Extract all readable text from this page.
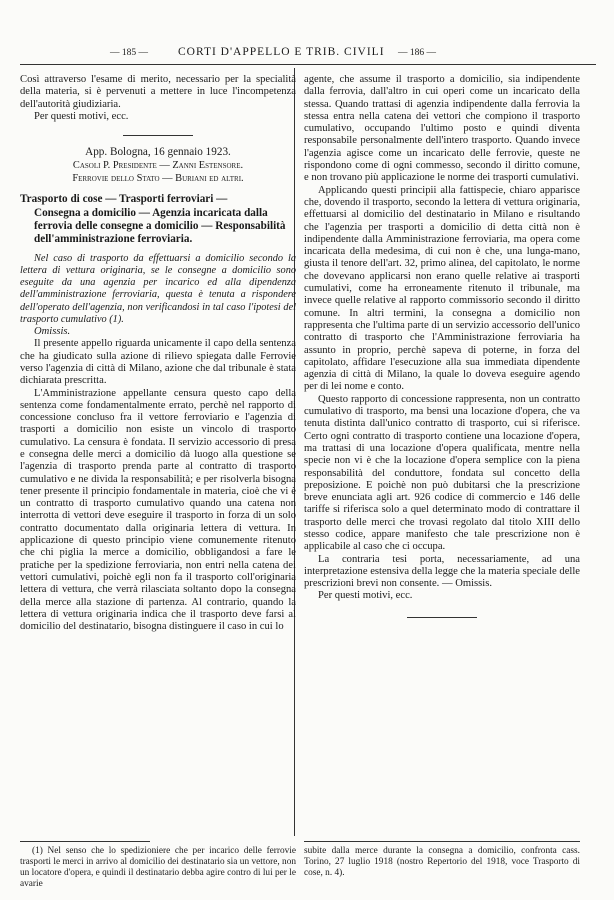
— 185 —	CORTI D'APPELLO E TRIB. CIVILI — 186 —

Così attraverso l'esame di merito, necessario per la specialità della materia, si è pervenuti a mettere in luce l'incompetenza dell'autorità giudiziaria.

Per questi motivi, ecc.

App. Bologna, 16 gennaio 1923.
Casoli P. Presidente — Zanni Estensore.
Ferrovie dello Stato — Buriani ed altri.
Trasporto di cose — Trasporti ferroviari —
Consegna a domicilio — Agenzia incaricata dalla ferrovia delle consegne a domicilio — Responsabilità dell'amministrazione ferroviaria.

Nel caso di trasporto da effettuarsi a domicilio secondo la lettera di vettura originaria, se le consegne a domicilio sono eseguite da una agenzia per incarico ed alla dipendenza dell'amministrazione ferroviaria, questa è tenuta a rispondere dell'operato dell'agenzia, non verificandosi in tal caso l'ipotesi del trasporto cumulativo (1).

Omissis.

Il presente appello riguarda unicamente il capo della sentenza che ha giudicato sulla azione di rilievo spiegata dalle Ferrovie verso l'agenzia di città di Milano, azione che dal tribunale è stata dichiarata prescritta.

L'Amministrazione appellante censura questo capo della sentenza come fondamentalmente errato, perchè nel rapporto di concessione concluso fra il vettore ferroviario e l'agenzia di trasporti a domicilio non esiste un vincolo di trasporto cumulativo. La censura è fondata. Il servizio accessorio di presa e consegna delle merci a domicilio dà luogo alla questione se l'agenzia di trasporto prenda parte al contratto di trasporto cumulativo e ne divida la responsabilità; e per risolverla bisogna tener presente il principio fondamentale in materia, cioè che vi è un contratto di trasporto cumulativo quando una catena non interrotta di vettori deve eseguire il trasporto in forza di un solo contratto documentato dalla originaria lettera di vettura. In applicazione di questo principio viene comunemente ritenuto che chi piglia la merce a domicilio, obbligandosi a fare le pratiche per la spedizione ferroviaria, non entri nella catena dei vettori cumulativi, poichè egli non fa il trasporto coll'originaria lettera di vettura, che verrà rilasciata soltanto dopo la consegna della merce alla stazione di partenza. Al contrario, quando la lettera di vettura originaria indica che il trasporto deve farsi al domicilio del destinatario, bisogna distinguere il caso in cui lo

agente, che assume il trasporto a domicilio, sia indipendente dalla ferrovia, dall'altro in cui operi come un incaricato della stessa. Quando trattasi di agenzia indipendente dalla ferrovia la stessa entra nella catena dei vettori che compiono il trasporto cumulativo, occupando l'ultimo posto e quindi diventa responsabile personalmente dell'intero trasporto. Quando invece l'agenzia agisce come un incaricato delle ferrovie, queste ne rispondono come di ogni commesso, secondo il diritto comune, e non trovano più applicazione le norme dei trasporti cumulativi.

Applicando questi principii alla fattispecie, chiaro apparisce che, dovendo il trasporto, secondo la lettera di vettura originaria, effettuarsi al domicilio del destinatario in Milano e risultando che l'agenzia per trasporti a domicilio di detta città non è indipendente dalla Amministrazione ferroviaria, ma opera come incaricata della medesima, di cui non è che, una lunga-mano, giusta il tenore dell'art. 32, primo alinea, del capitolato, le norme che dovevano applicarsi non erano quelle relative ai trasporti cumulativi, come ha erroneamente ritenuto il tribunale, ma invece quelle relative al rapporto commissorio secondo il diritto comune. In altri termini, la consegna a domicilio non rappresenta che l'ultima parte di un servizio accessorio dell'unico contratto di trasporto che l'Amministrazione ferroviaria ha assunto in proprio, perchè sapeva di poterne, in forza del capitolato, affidare l'esecuzione alla sua immediata dipendente agenzia di città di Milano, la quale lo doveva eseguire agendo per di lei nome e conto.

Questo rapporto di concessione rappresenta, non un contratto cumulativo di trasporto, ma bensì una locazione d'opera, che va tenuta distinta dall'unico contratto di trasporto, cui si riferisce. Certo ogni contratto di trasporto contiene una locazione d'opera, ma trattasi di una locazione d'opera qualificata, mentre nella specie non vi è che la locazione d'opera semplice con la piena responsabilità del conduttore, fondata sul concetto della preposizione. E poichè non può dubitarsi che la prescrizione breve enunciata agli art. 926 codice di commercio e 146 delle tariffe si riferisca solo a quel determinato modo di contrattare il trasporto delle merci che trovasi regolato dal titolo XIII dello stesso codice, appare manifesto che tale prescrizione non è applicabile al caso che ci occupa.

La contraria tesi porta, necessariamente, ad una interpretazione estensiva della legge che la materia speciale delle prescrizioni brevi non consente. — Omissis.

Per questi motivi, ecc.

(1) Nel senso che lo spedizioniere che per incarico delle ferrovie trasporti le merci in arrivo al domicilio dei destinatario sia un vettore, non un locatore d'opera, e quindi il destinatario debba agire contro di lui per le avarie

subite dalla merce durante la consegna a domicilio, confronta cass. Torino, 27 luglio 1918 (nostro Repertorio del 1918, voce Trasporto di cose, n. 4).
